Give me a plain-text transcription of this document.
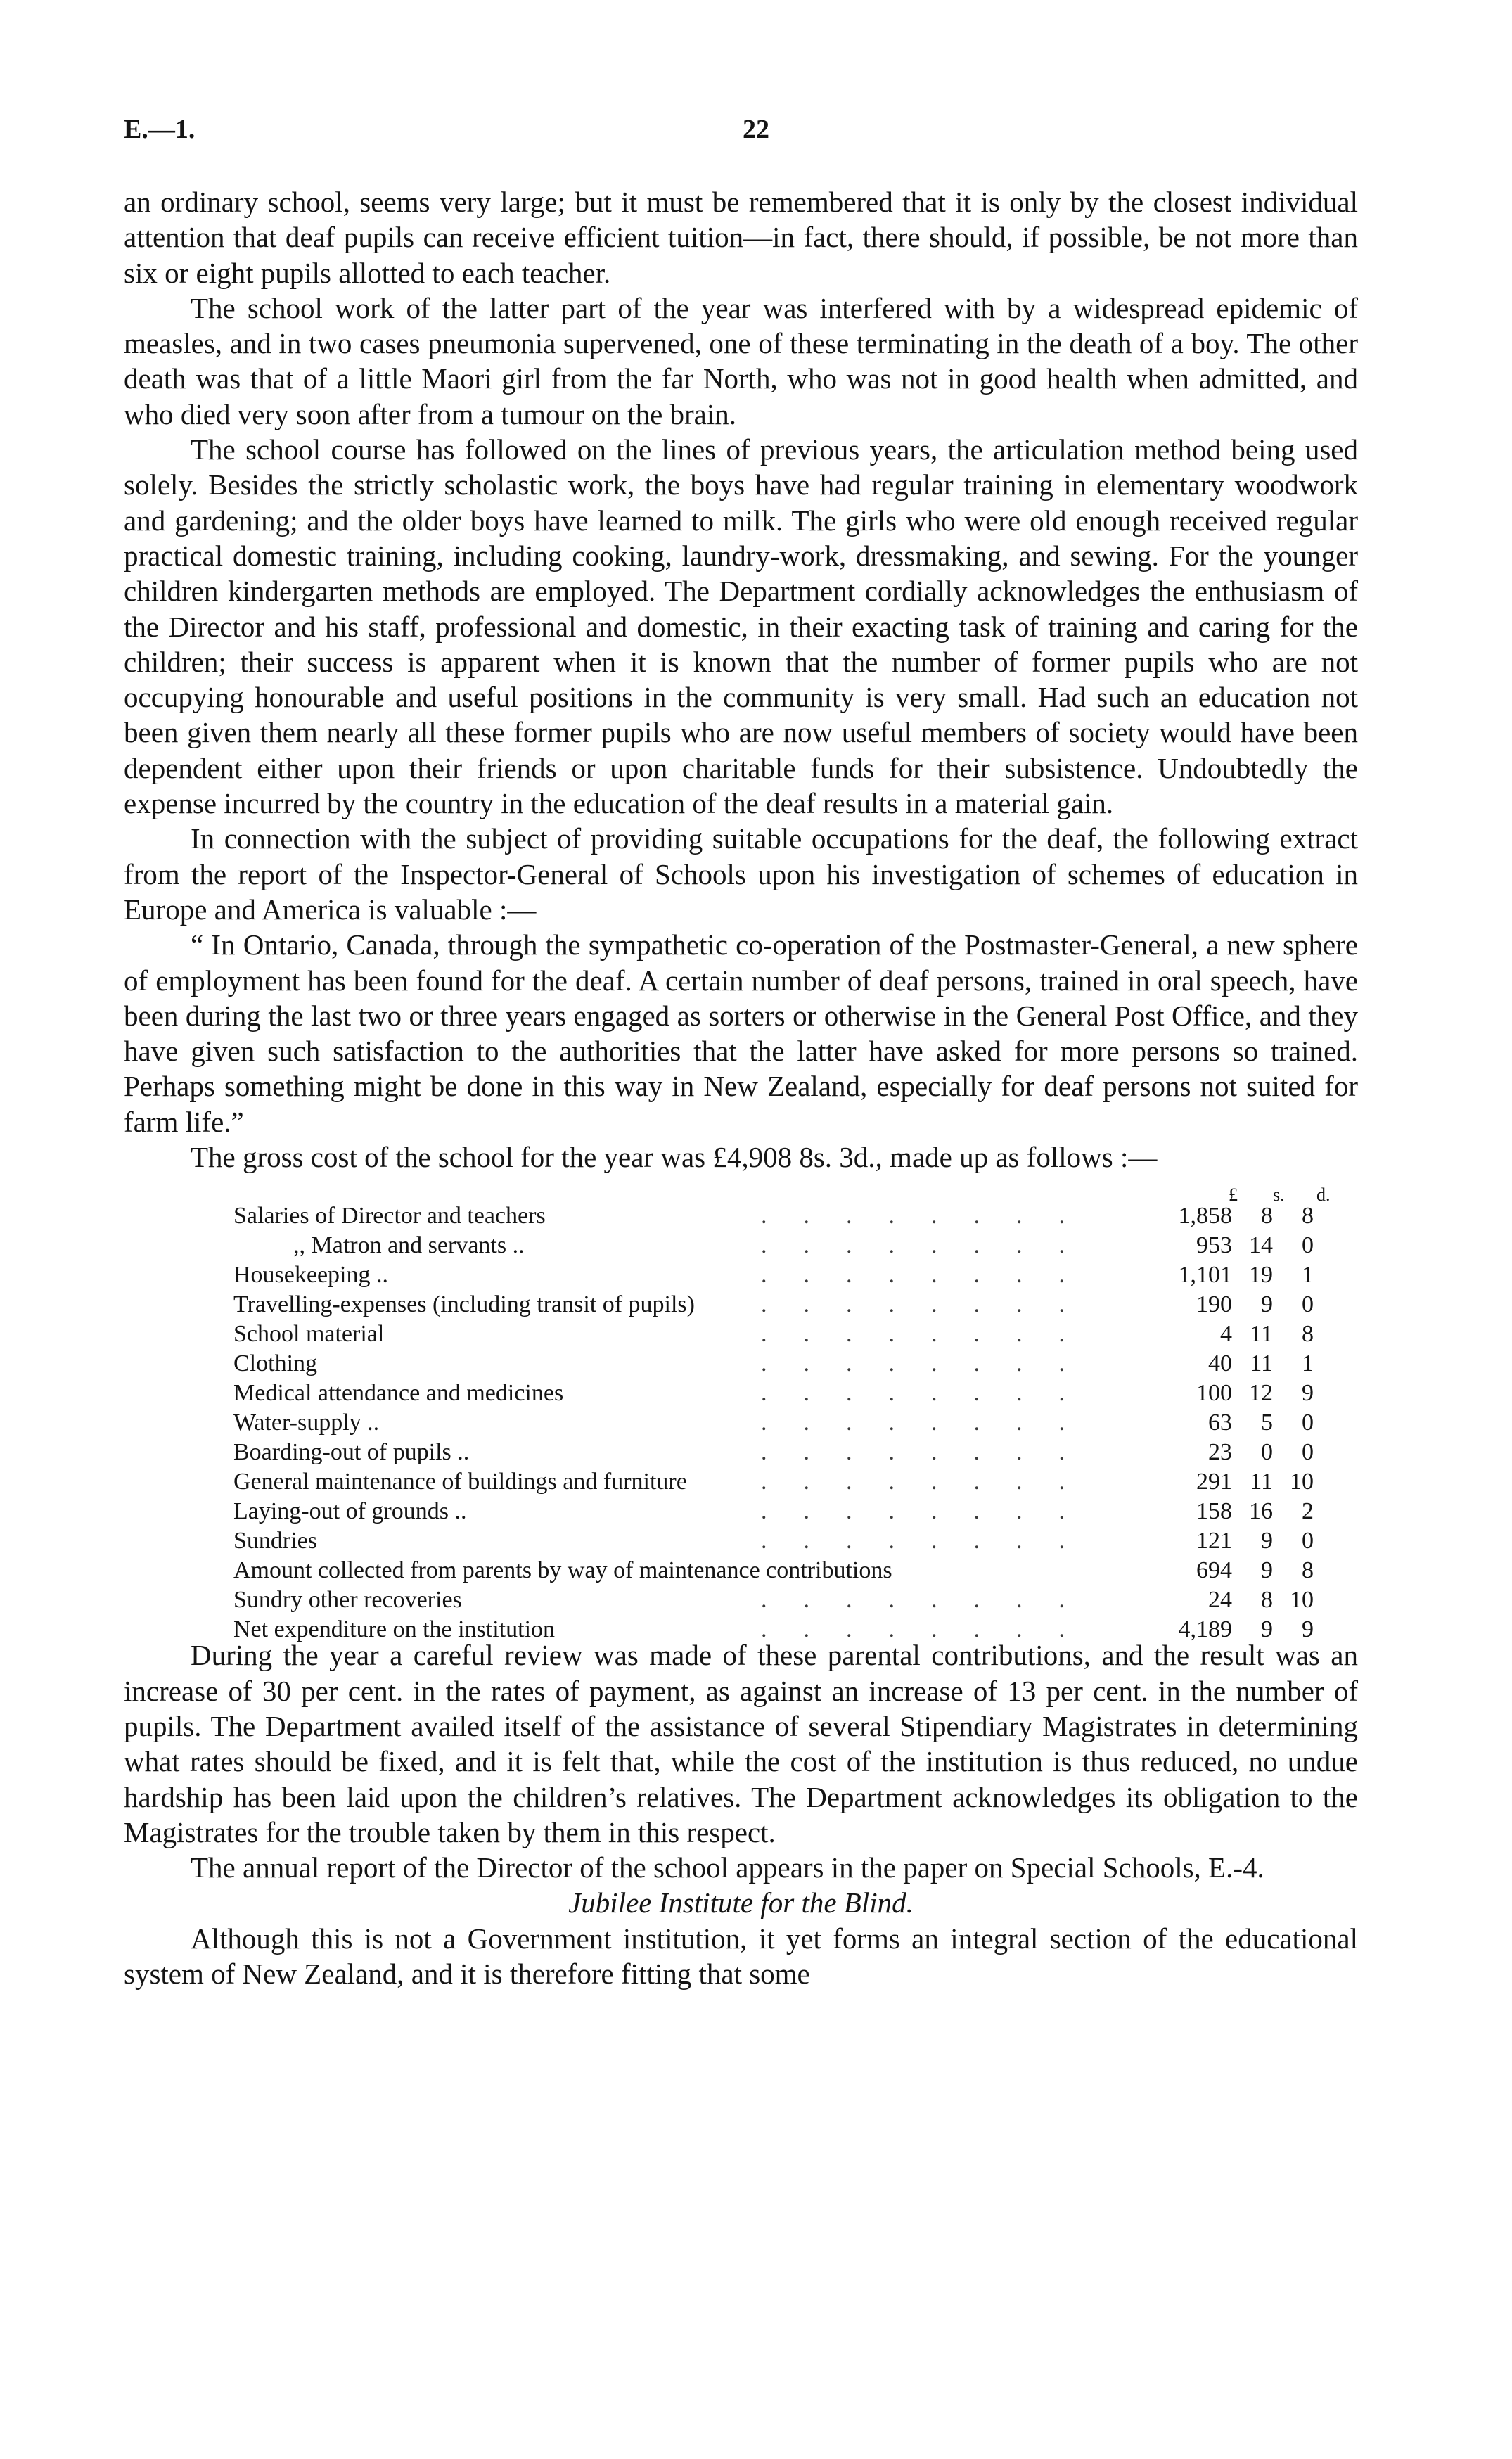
E.—1.	22

an ordinary school, seems very large; but it must be remembered that it is only by the closest individual attention that deaf pupils can receive efficient tuition—in fact, there should, if possible, be not more than six or eight pupils allotted to each teacher.

The school work of the latter part of the year was interfered with by a widespread epidemic of measles, and in two cases pneumonia supervened, one of these terminating in the death of a boy. The other death was that of a little Maori girl from the far North, who was not in good health when admitted, and who died very soon after from a tumour on the brain.

The school course has followed on the lines of previous years, the articulation method being used solely. Besides the strictly scholastic work, the boys have had regular training in elementary woodwork and gardening; and the older boys have learned to milk. The girls who were old enough received regular practical domestic training, including cooking, laundry-work, dressmaking, and sewing. For the younger children kindergarten methods are employed. The Department cordially acknowledges the enthusiasm of the Director and his staff, professional and domestic, in their exacting task of training and caring for the children; their success is apparent when it is known that the number of former pupils who are not occupying honourable and useful positions in the community is very small. Had such an education not been given them nearly all these former pupils who are now useful members of society would have been dependent either upon their friends or upon charitable funds for their subsistence. Undoubtedly the expense incurred by the country in the education of the deaf results in a material gain.

In connection with the subject of providing suitable occupations for the deaf, the following extract from the report of the Inspector-General of Schools upon his investigation of schemes of education in Europe and America is valuable :—

“ In Ontario, Canada, through the sympathetic co-operation of the Postmaster-General, a new sphere of employment has been found for the deaf. A certain number of deaf persons, trained in oral speech, have been during the last two or three years engaged as sorters or otherwise in the General Post Office, and they have given such satisfaction to the authorities that the latter have asked for more persons so trained. Perhaps something might be done in this way in New Zealand, especially for deaf persons not suited for farm life.”

The gross cost of the school for the year was £4,908 8s. 3d., made up as follows :—

£ s. d.
Salaries of Director and teachers	........	1,858	8	8
,, Matron and servants ..	........	953 14	0
Housekeeping ..	........	1,101 19	1
Travelling-expenses (including transit of pupils)	........	190	9	0
School material	........	4 11	8
Clothing	........	40 11	1
Medical attendance and medicines	........	100 12	9
Water-supply ..	........	63	5	0
Boarding-out of pupils ..	........	23	0	0
General maintenance of buildings and furniture	........	291 11 10
Laying-out of grounds ..	........	158 16	2
Sundries	........	121	9	0
Amount collected from parents by way of maintenance contributions	694	9	8
Sundry other recoveries	........	24	8 10
Net expenditure on the institution	........	4,189	9	9

During the year a careful review was made of these parental contributions, and the result was an increase of 30 per cent. in the rates of payment, as against an increase of 13 per cent. in the number of pupils. The Department availed itself of the assistance of several Stipendiary Magistrates in determining what rates should be fixed, and it is felt that, while the cost of the institution is thus reduced, no undue hardship has been laid upon the children’s relatives. The Department acknowledges its obligation to the Magistrates for the trouble taken by them in this respect.

The annual report of the Director of the school appears in the paper on Special Schools, E.-4.

Jubilee Institute for the Blind.

Although this is not a Government institution, it yet forms an integral section of the educational system of New Zealand, and it is therefore fitting that some
